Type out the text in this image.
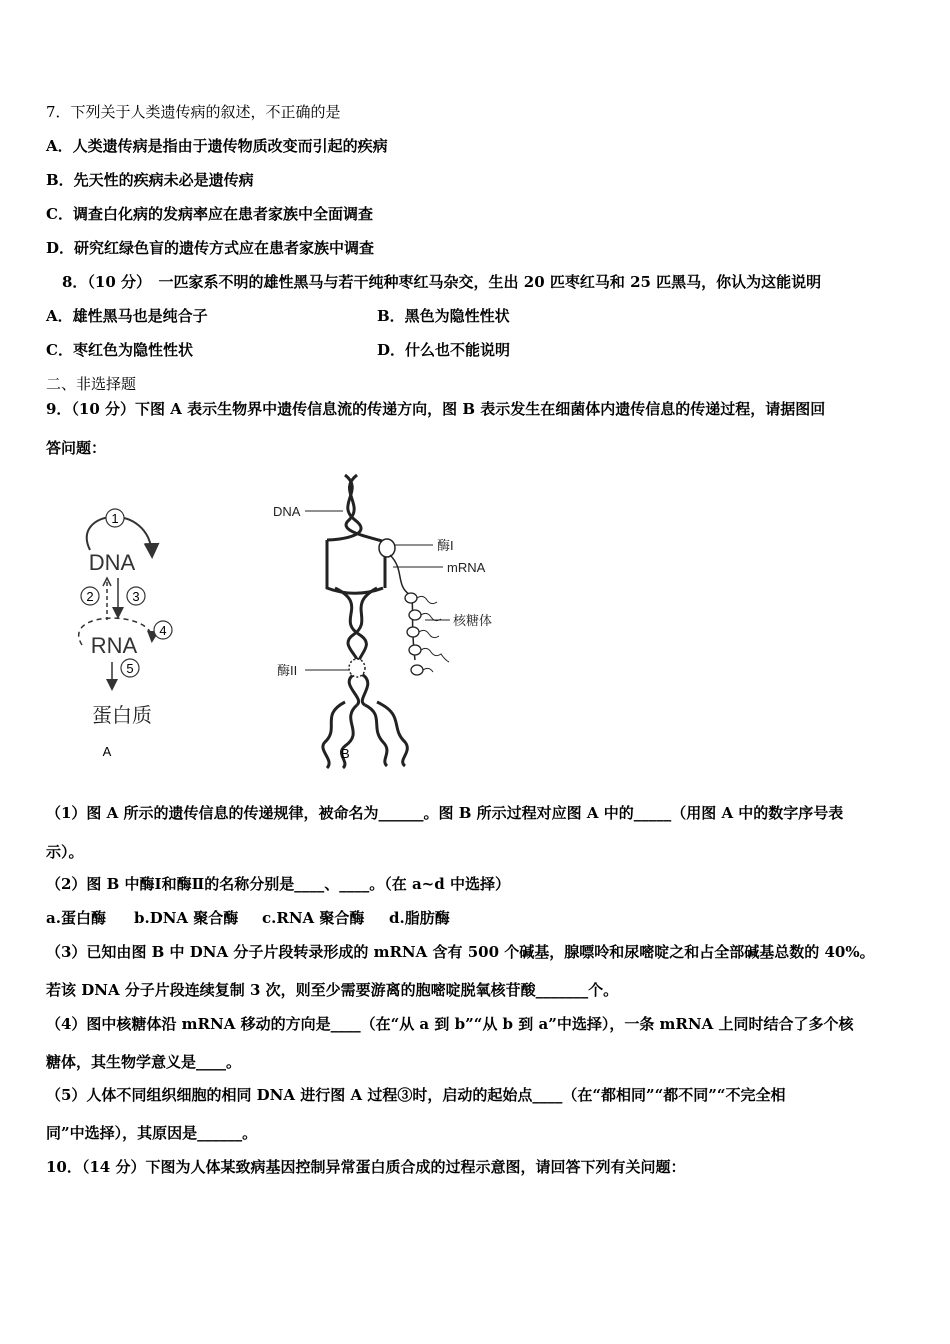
7．下列关于人类遗传病的叙述，不正确的是
A．人类遗传病是指由于遗传物质改变而引起的疾病
B．先天性的疾病未必是遗传病
C．调查白化病的发病率应在患者家族中全面调查
D．研究红绿色盲的遗传方式应在患者家族中调查
8．（10 分）　一匹家系不明的雄性黑马与若干纯种枣红马杂交，生出 20 匹枣红马和 25 匹黑马，你认为这能说明
A．雄性黑马也是纯合子	B．黑色为隐性性状
C．枣红色为隐性性状	D．什么也不能说明
二、非选择题
9．（10 分）下图 A 表示生物界中遗传信息流的传递方向，图 B 表示发生在细菌体内遗传信息的传递过程，请据图回
答问题：
1
DNA
2	3
4
RNA
5
蛋白质
A
DNA
酶I
mRNA
核糖体
酶II
B
（1）图 A 所示的遗传信息的传递规律，被命名为______。图 B 所示过程对应图 A 中的_____（用图 A 中的数字序号表
示）。
（2）图 B 中酶Ⅰ和酶Ⅱ的名称分别是____、____。（在 a~d 中选择）
a.蛋白酶 b.DNA 聚合酶 c.RNA 聚合酶 d.脂肪酶
（3）已知由图 B 中 DNA 分子片段转录形成的 mRNA 含有 500 个碱基，腺嘌呤和尿嘧啶之和占全部碱基总数的 40%。
若该 DNA 分子片段连续复制 3 次，则至少需要游离的胞嘧啶脱氧核苷酸_______个。
（4）图中核糖体沿 mRNA 移动的方向是____（在“从 a 到 b”“从 b 到 a”中选择），一条 mRNA 上同时结合了多个核
糖体，其生物学意义是____。
（5）人体不同组织细胞的相同 DNA 进行图 A 过程③时，启动的起始点____（在“都相同”“都不同”“不完全相
同”中选择），其原因是______。
10．（14 分）下图为人体某致病基因控制异常蛋白质合成的过程示意图，请回答下列有关问题：
